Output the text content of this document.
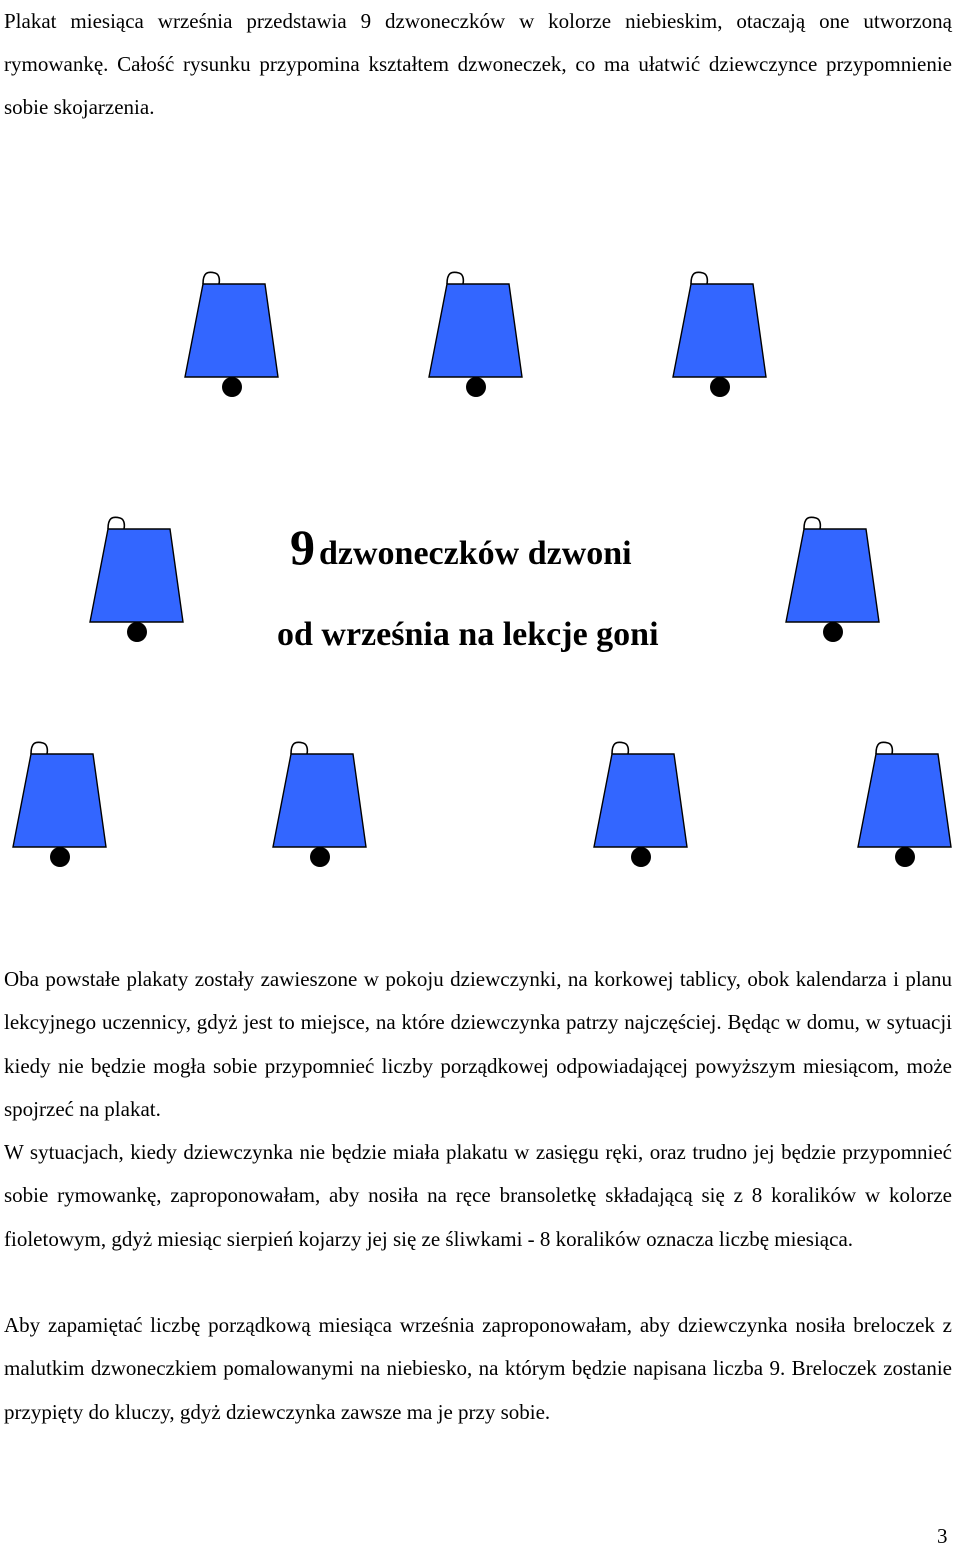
Plakat miesiąca września przedstawia 9 dzwoneczków w kolorze niebieskim, otaczają one utworzoną rymowankę. Całość rysunku przypomina kształtem dzwoneczek, co ma ułatwić dziewczynce przypomnienie sobie skojarzenia.

9 dzwoneczków dzwoni
od września na lekcje goni

Oba powstałe plakaty zostały zawieszone w pokoju dziewczynki, na korkowej tablicy, obok kalendarza i planu lekcyjnego uczennicy, gdyż jest to miejsce, na które dziewczynka patrzy najczęściej. Będąc w domu, w sytuacji kiedy nie będzie mogła sobie przypomnieć liczby porządkowej odpowiadającej powyższym miesiącom, może spojrzeć na plakat.

W sytuacjach, kiedy dziewczynka nie będzie miała plakatu w zasięgu ręki, oraz trudno jej będzie przypomnieć sobie rymowankę, zaproponowałam, aby nosiła na ręce bransoletkę składającą się z 8 koralików w kolorze fioletowym, gdyż miesiąc sierpień kojarzy jej się ze śliwkami - 8 koralików oznacza liczbę miesiąca.

Aby zapamiętać liczbę porządkową miesiąca września zaproponowałam, aby dziewczynka nosiła breloczek z malutkim dzwoneczkiem pomalowanymi na niebiesko, na którym będzie napisana liczba 9. Breloczek zostanie przypięty do kluczy, gdyż dziewczynka zawsze ma je przy sobie.

3
